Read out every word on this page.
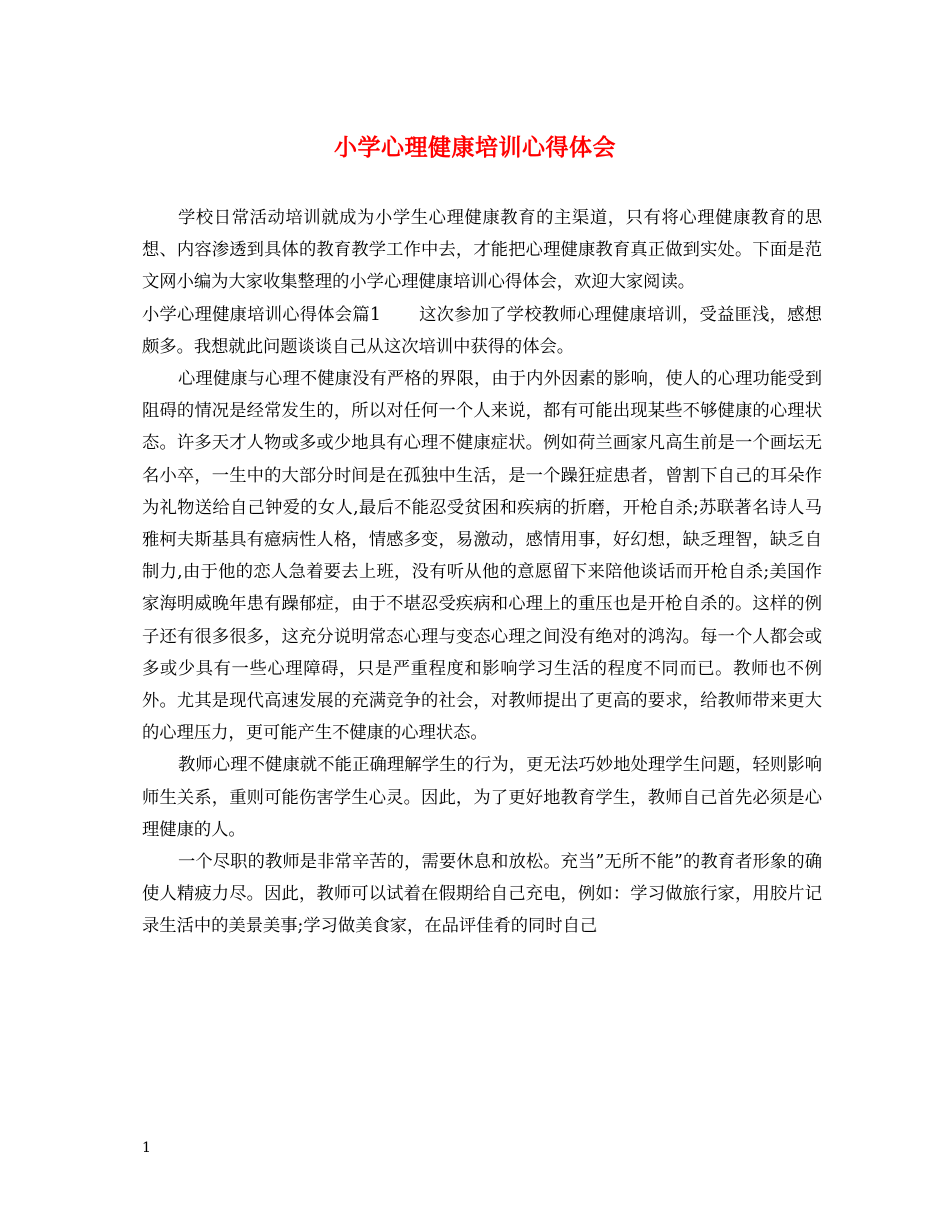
小学心理健康培训心得体会

学校日常活动培训就成为小学生心理健康教育的主渠道，只有将心理健康教育的思想、内容渗透到具体的教育教学工作中去，才能把心理健康教育真正做到实处。下面是范文网小编为大家收集整理的小学心理健康培训心得体会，欢迎大家阅读。

小学心理健康培训心得体会篇1 这次参加了学校教师心理健康培训，受益匪浅，感想颇多。我想就此问题谈谈自己从这次培训中获得的体会。

心理健康与心理不健康没有严格的界限，由于内外因素的影响，使人的心理功能受到阻碍的情况是经常发生的，所以对任何一个人来说，都有可能出现某些不够健康的心理状态。许多天才人物或多或少地具有心理不健康症状。例如荷兰画家凡高生前是一个画坛无名小卒，一生中的大部分时间是在孤独中生活，是一个躁狂症患者，曾割下自己的耳朵作为礼物送给自己钟爱的女人,最后不能忍受贫困和疾病的折磨，开枪自杀;苏联著名诗人马雅柯夫斯基具有癔病性人格，情感多变，易激动，感情用事，好幻想，缺乏理智，缺乏自制力,由于他的恋人急着要去上班，没有听从他的意愿留下来陪他谈话而开枪自杀;美国作家海明威晚年患有躁郁症，由于不堪忍受疾病和心理上的重压也是开枪自杀的。这样的例子还有很多很多，这充分说明常态心理与变态心理之间没有绝对的鸿沟。每一个人都会或多或少具有一些心理障碍，只是严重程度和影响学习生活的程度不同而已。教师也不例外。尤其是现代高速发展的充满竞争的社会，对教师提出了更高的要求，给教师带来更大的心理压力，更可能产生不健康的心理状态。

教师心理不健康就不能正确理解学生的行为，更无法巧妙地处理学生问题，轻则影响师生关系，重则可能伤害学生心灵。因此，为了更好地教育学生，教师自己首先必须是心理健康的人。

一个尽职的教师是非常辛苦的，需要休息和放松。充当”无所不能”的教育者形象的确使人精疲力尽。因此，教师可以试着在假期给自己充电，例如：学习做旅行家，用胶片记录生活中的美景美事;学习做美食家，在品评佳肴的同时自己

1
